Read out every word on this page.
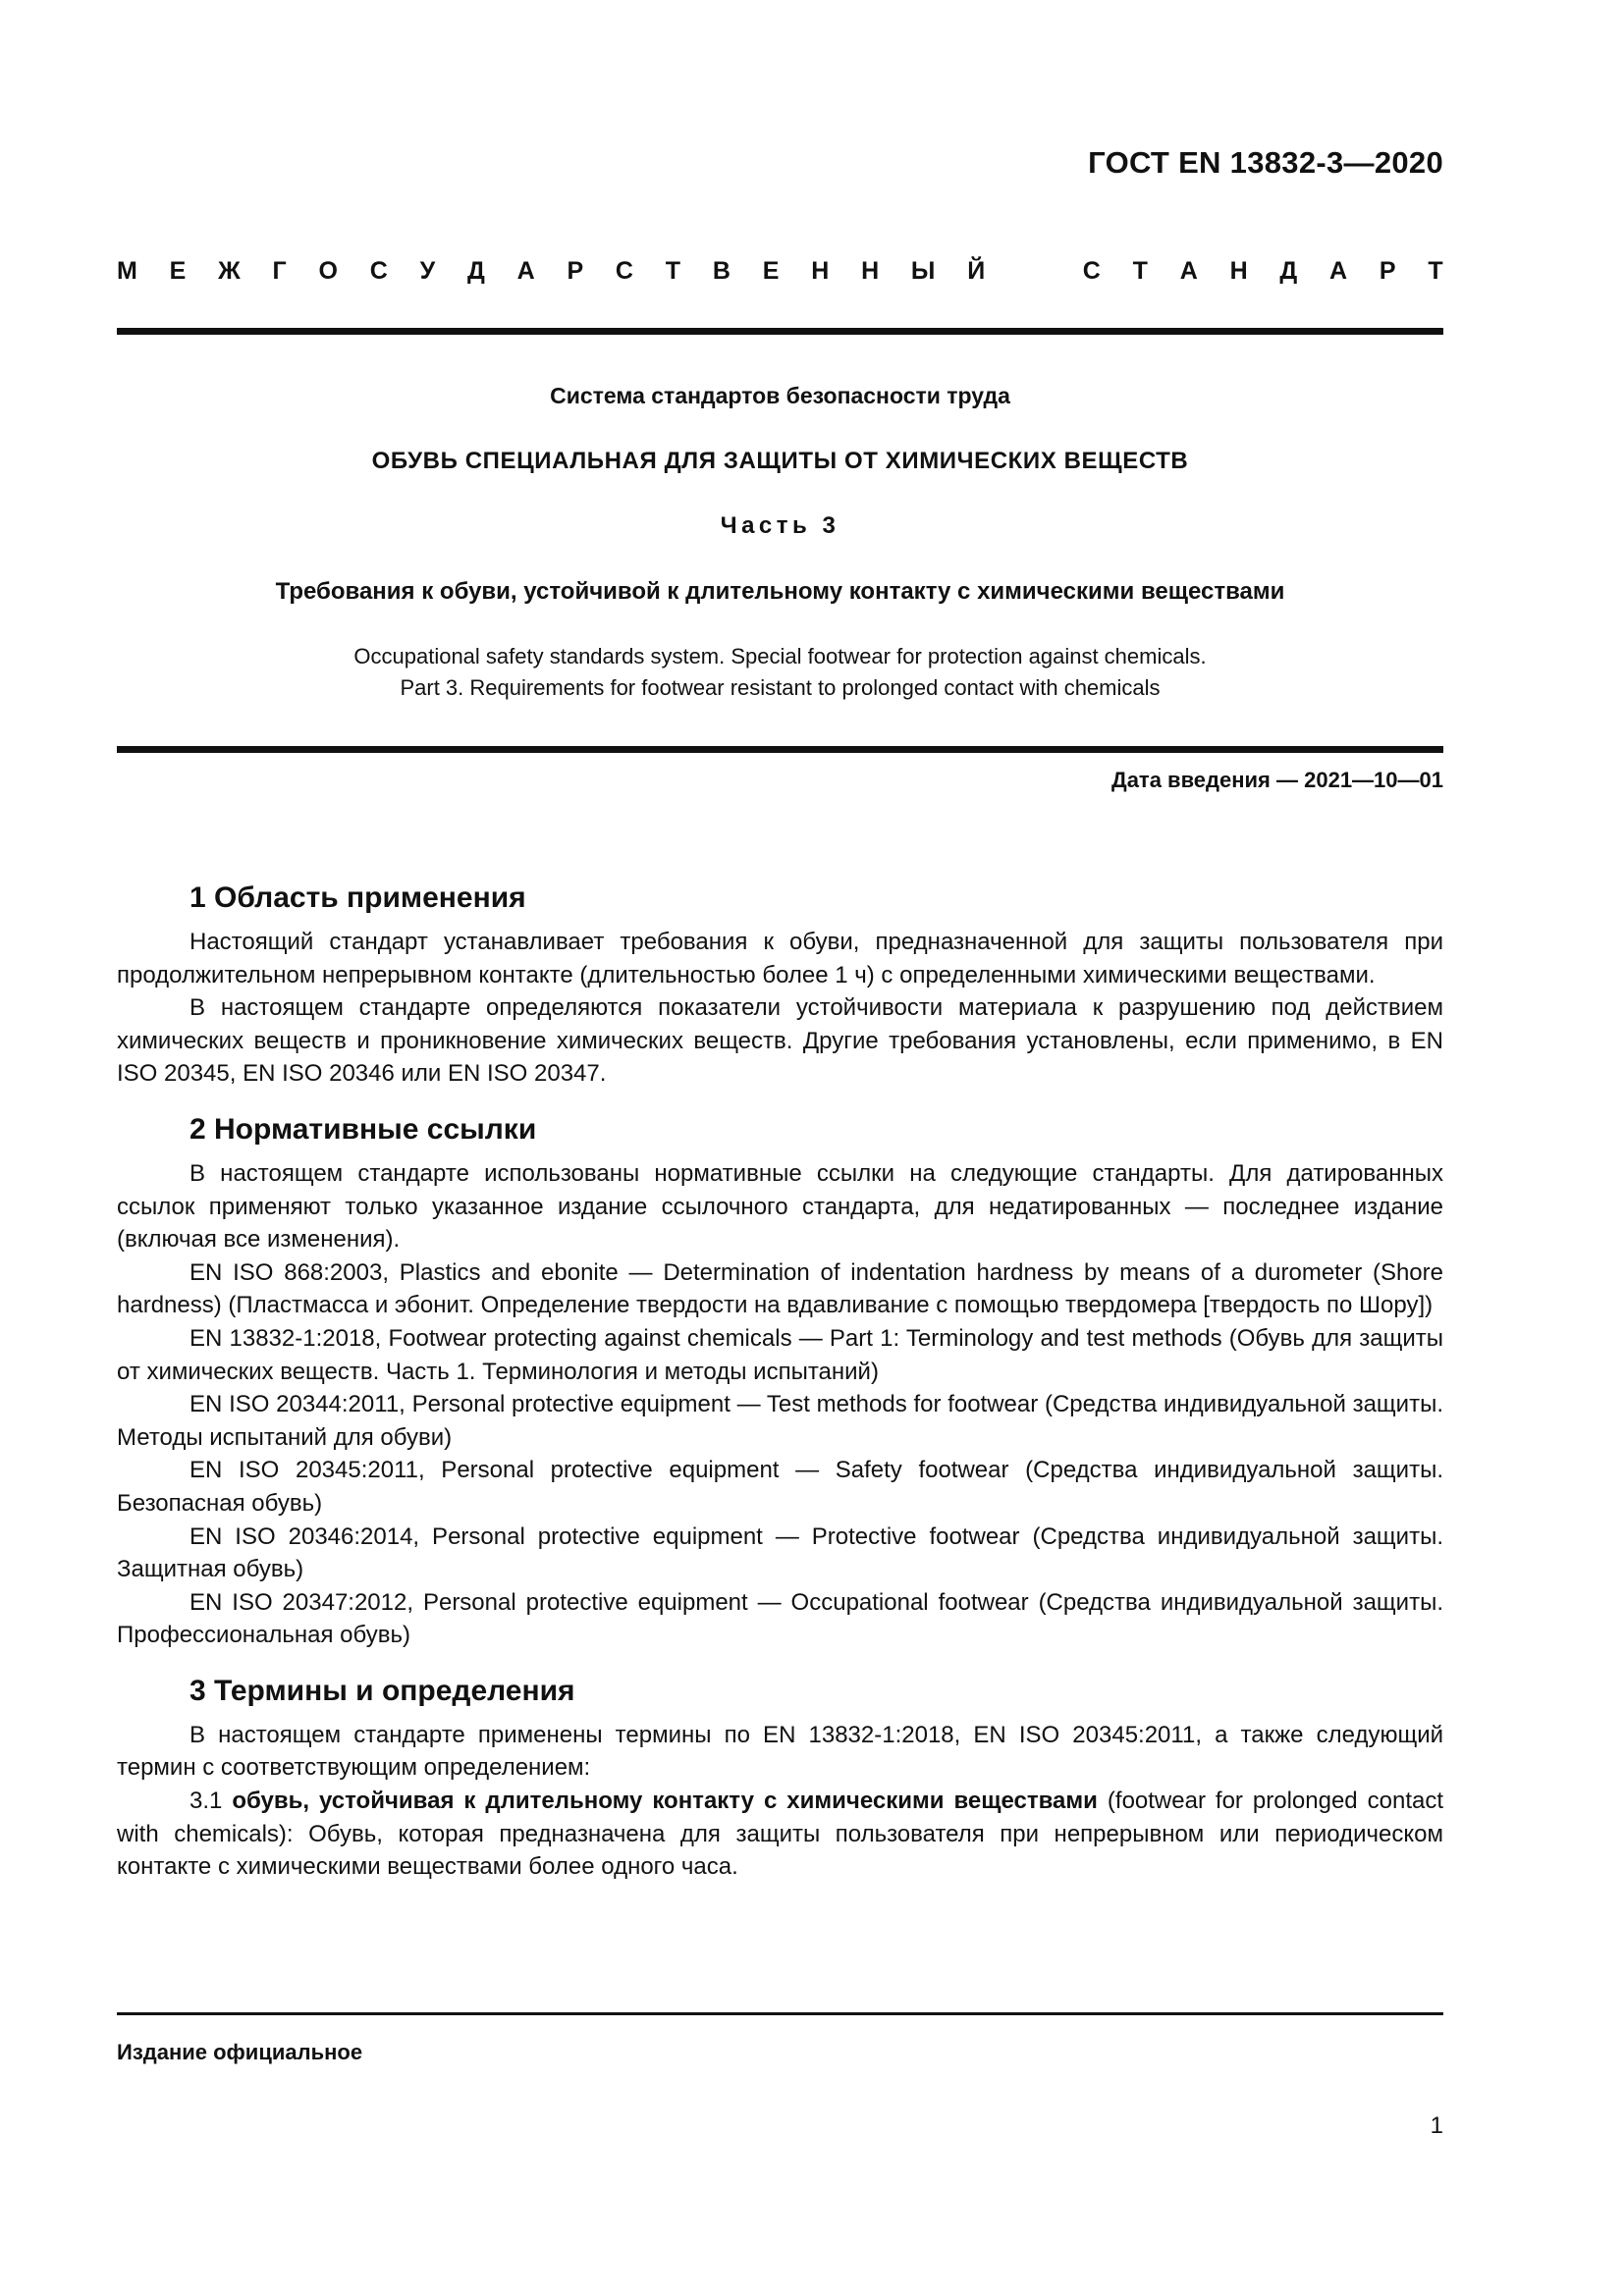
ГОСТ EN 13832-3—2020
М Е Ж Г О С У Д А Р С Т В Е Н Н Ы Й	С Т А Н Д А Р Т
Система стандартов безопасности труда
ОБУВЬ СПЕЦИАЛЬНАЯ ДЛЯ ЗАЩИТЫ ОТ ХИМИЧЕСКИХ ВЕЩЕСТВ
Часть 3
Требования к обуви, устойчивой к длительному контакту с химическими веществами
Occupational safety standards system. Special footwear for protection against chemicals.
Part 3. Requirements for footwear resistant to prolonged contact with chemicals
Дата введения — 2021—10—01
1 Область применения

Настоящий стандарт устанавливает требования к обуви, предназначенной для защиты пользователя при продолжительном непрерывном контакте (длительностью более 1 ч) с определенными химическими веществами.

В настоящем стандарте определяются показатели устойчивости материала к разрушению под действием химических веществ и проникновение химических веществ. Другие требования установлены, если применимо, в EN ISO 20345, EN ISO 20346 или EN ISO 20347.

2 Нормативные ссылки

В настоящем стандарте использованы нормативные ссылки на следующие стандарты. Для датированных ссылок применяют только указанное издание ссылочного стандарта, для недатированных — последнее издание (включая все изменения).

EN ISO 868:2003, Plastics and ebonite — Determination of indentation hardness by means of a durometer (Shore hardness) (Пластмасса и эбонит. Определение твердости на вдавливание с помощью твердомера [твердость по Шору])

EN 13832-1:2018, Footwear protecting against chemicals — Part 1: Terminology and test methods (Обувь для защиты от химических веществ. Часть 1. Терминология и методы испытаний)

EN ISO 20344:2011, Personal protective equipment — Test methods for footwear (Средства индивидуальной защиты. Методы испытаний для обуви)

EN ISO 20345:2011, Personal protective equipment — Safety footwear (Средства индивидуальной защиты. Безопасная обувь)

EN ISO 20346:2014, Personal protective equipment — Protective footwear (Средства индивидуальной защиты. Защитная обувь)

EN ISO 20347:2012, Personal protective equipment — Occupational footwear (Средства индивидуальной защиты. Профессиональная обувь)

3 Термины и определения

В настоящем стандарте применены термины по EN 13832-1:2018, EN ISO 20345:2011, а также следующий термин с соответствующим определением:

3.1 обувь, устойчивая к длительному контакту с химическими веществами (footwear for prolonged contact with chemicals): Обувь, которая предназначена для защиты пользователя при непрерывном или периодическом контакте с химическими веществами более одного часа.

Издание официальное
1
